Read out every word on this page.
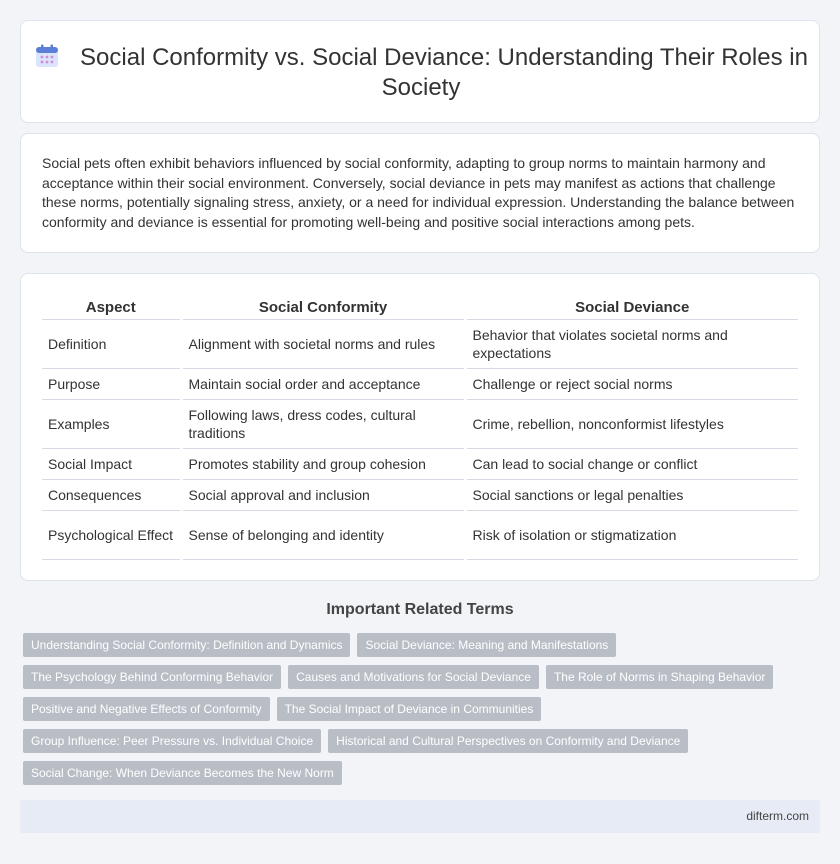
Social Conformity vs. Social Deviance: Understanding Their Roles in Society

Social pets often exhibit behaviors influenced by social conformity, adapting to group norms to maintain harmony and acceptance within their social environment. Conversely, social deviance in pets may manifest as actions that challenge these norms, potentially signaling stress, anxiety, or a need for individual expression. Understanding the balance between conformity and deviance is essential for promoting well-being and positive social interactions among pets.

Aspect	Social Conformity	Social Deviance
Definition	Alignment with societal norms and rules	Behavior that violates societal norms and expectations
Purpose	Maintain social order and acceptance	Challenge or reject social norms
Examples	Following laws, dress codes, cultural traditions	Crime, rebellion, nonconformist lifestyles
Social Impact	Promotes stability and group cohesion	Can lead to social change or conflict
Consequences	Social approval and inclusion	Social sanctions or legal penalties
Psychological Effect	Sense of belonging and identity	Risk of isolation or stigmatization
Important Related Terms
Understanding Social Conformity: Definition and Dynamics	Social Deviance: Meaning and Manifestations
The Psychology Behind Conforming Behavior	Causes and Motivations for Social Deviance	The Role of Norms in Shaping Behavior
Positive and Negative Effects of Conformity	The Social Impact of Deviance in Communities
Group Influence: Peer Pressure vs. Individual Choice	Historical and Cultural Perspectives on Conformity and Deviance
Social Change: When Deviance Becomes the New Norm
difterm.com
